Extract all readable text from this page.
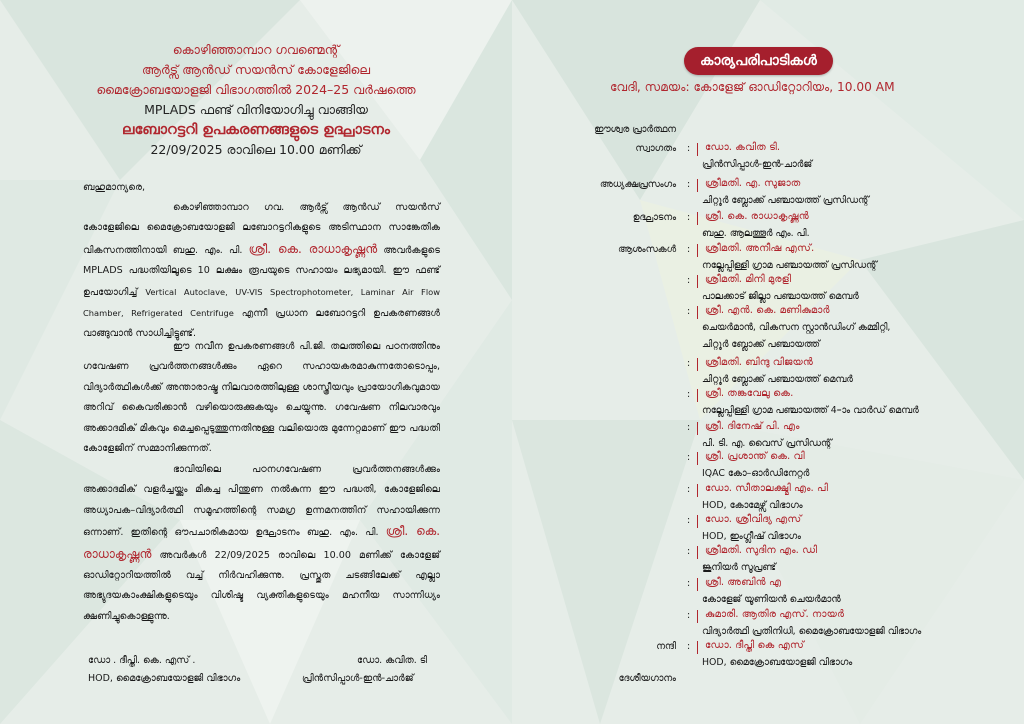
കൊഴിഞ്ഞാമ്പാറ ഗവണ്മെന്റ്
ആർട്സ് ആൻഡ് സയൻസ് കോളേജിലെ
മൈക്രോബയോളജി വിഭാഗത്തിൽ 2024–25 വർഷത്തെ
MPLADS ഫണ്ട് വിനിയോഗിച്ചു വാങ്ങിയ
ലബോറട്ടറി ഉപകരണങ്ങളുടെ ഉദ്ഘാടനം
22/09/2025 രാവിലെ 10.00 മണിക്ക്

ബഹുമാന്യരെ,

കൊഴിഞ്ഞാമ്പാറ ഗവ. ആർട്സ് ആൻഡ് സയൻസ് കോളേജിലെ മൈക്രോബയോളജി ലബോറട്ടറികളുടെ അടിസ്ഥാന സാങ്കേതിക വികസനത്തിനായി ബഹു. എം. പി. ശ്രീ. കെ. രാധാകൃഷ്ണൻ അവർകളുടെ MPLADS പദ്ധതിയിലൂടെ 10 ലക്ഷം രൂപയുടെ സഹായം ലഭ്യമായി. ഈ ഫണ്ട് ഉപയോഗിച്ച് Vertical Autoclave, UV-VIS Spectrophotometer, Laminar Air Flow Chamber, Refrigerated Centrifuge എന്നീ പ്രധാന ലബോറട്ടറി ഉപകരണങ്ങൾ വാങ്ങുവാൻ സാധിച്ചിട്ടുണ്ട്.

ഈ നവീന ഉപകരണങ്ങൾ പി.ജി. തലത്തിലെ പഠനത്തിനും ഗവേഷണ പ്രവർത്തനങ്ങൾക്കും ഏറെ സഹായകരമാകുന്നതോടൊപ്പം, വിദ്യാർത്ഥികൾക്ക് അന്താരാഷ്ട്ര നിലവാരത്തിലുള്ള ശാസ്ത്രീയവും പ്രായോഗികവുമായ അറിവ് കൈവരിക്കാൻ വഴിയൊരുക്കുകയും ചെയ്യുന്നു. ഗവേഷണ നിലവാരവും അക്കാദമിക് മികവും മെച്ചപ്പെടുത്തുന്നതിനുള്ള വലിയൊരു മുന്നേറ്റമാണ് ഈ പദ്ധതി കോളേജിന് സമ്മാനിക്കുന്നത്.

ഭാവിയിലെ പഠനഗവേഷണ പ്രവർത്തനങ്ങൾക്കും അക്കാദമിക് വളർച്ചയ്ക്കും മികച്ച പിന്തുണ നൽകുന്ന ഈ പദ്ധതി, കോളേജിലെ അധ്യാപക–വിദ്യാർത്ഥി സമൂഹത്തിന്റെ സമഗ്ര ഉന്നമനത്തിന് സഹായിക്കുന്ന ഒന്നാണ്. ഇതിന്റെ ഔപചാരികമായ ഉദ്ഘാടനം ബഹു. എം. പി. ശ്രീ. കെ. രാധാകൃഷ്ണൻ അവർകൾ 22/09/2025 രാവിലെ 10.00 മണിക്ക് കോളേജ് ഓഡിറ്റോറിയത്തിൽ വച്ച് നിർവഹിക്കുന്നു. പ്രസ്തുത ചടങ്ങിലേക്ക് എല്ലാ അഭ്യുദയകാംക്ഷികളുടെയും വിശിഷ്ട വ്യക്തികളുടെയും മഹനീയ സാന്നിധ്യം ക്ഷണിച്ചുകൊള്ളുന്നു.

ഡോ . ദീപ്തി. കെ. എസ് .
HOD, മൈക്രോബയോളജി വിഭാഗം
ഡോ. കവിത. ടി
പ്രിൻസിപ്പാൾ-ഇൻ-ചാർജ്
കാര്യപരിപാടികൾ
വേദി, സമയം: കോളേജ് ഓഡിറ്റോറിയം, 10.00 AM
ഈശ്വര പ്രാർത്ഥന
സ്വാഗതം : ഡോ. കവിത ടി.
പ്രിൻസിപ്പാൾ-ഇൻ-ചാർജ്
അധ്യക്ഷപ്രസംഗം : ശ്രീമതി. എ. സുജാത
ചിറ്റൂർ ബ്ലോക്ക് പഞ്ചായത്ത് പ്രസിഡന്റ്
ഉദ്ഘാടനം : ശ്രീ. കെ. രാധാകൃഷ്ണൻ
ബഹു. ആലത്തൂർ എം. പി.
ആശംസകൾ : ശ്രീമതി. അനീഷ എസ്.
നല്ലേപ്പിള്ളി ഗ്രാമ പഞ്ചായത്ത് പ്രസിഡന്റ്
: ശ്രീമതി. മിനി മുരളി
പാലക്കാട് ജില്ലാ പഞ്ചായത്ത് മെമ്പർ
: ശ്രീ. എൻ. കെ. മണികുമാർ
ചെയർമാൻ, വികസന സ്റ്റാൻഡിംഗ് കമ്മിറ്റി,
ചിറ്റൂർ ബ്ലോക്ക് പഞ്ചായത്ത്
: ശ്രീമതി. ബിന്ദു വിജയൻ
ചിറ്റൂർ ബ്ലോക്ക് പഞ്ചായത്ത് മെമ്പർ
: ശ്രീ. തങ്കവേലു കെ.
നല്ലേപ്പിള്ളി ഗ്രാമ പഞ്ചായത്ത് 4–ാം വാർഡ് മെമ്പർ
: ശ്രീ. ദിനേഷ് പി. എം
പി. ടി. എ. വൈസ് പ്രസിഡന്റ്
: ശ്രീ. പ്രശാന്ത് കെ. വി
IQAC കോ–ഓർഡിനേറ്റർ
: ഡോ. സീതാലക്ഷ്മി എം. പി
HOD, കോമേഴ്സ് വിഭാഗം
: ഡോ. ശ്രീവിദ്യ എസ്
HOD, ഇംഗ്ലീഷ് വിഭാഗം
: ശ്രീമതി. സുദിന എം. ഡി
ജൂനിയർ സൂപ്രണ്ട്
: ശ്രീ. അബിൻ എ
കോളേജ് യൂണിയൻ ചെയർമാൻ
: കുമാരി. ആതിര എസ്. നായർ
വിദ്യാർത്ഥി പ്രതിനിധി, മൈക്രോബയോളജി വിഭാഗം
നന്ദി : ഡോ. ദീപ്തി കെ എസ്
HOD, മൈക്രോബയോളജി വിഭാഗം
ദേശീയഗാനം
